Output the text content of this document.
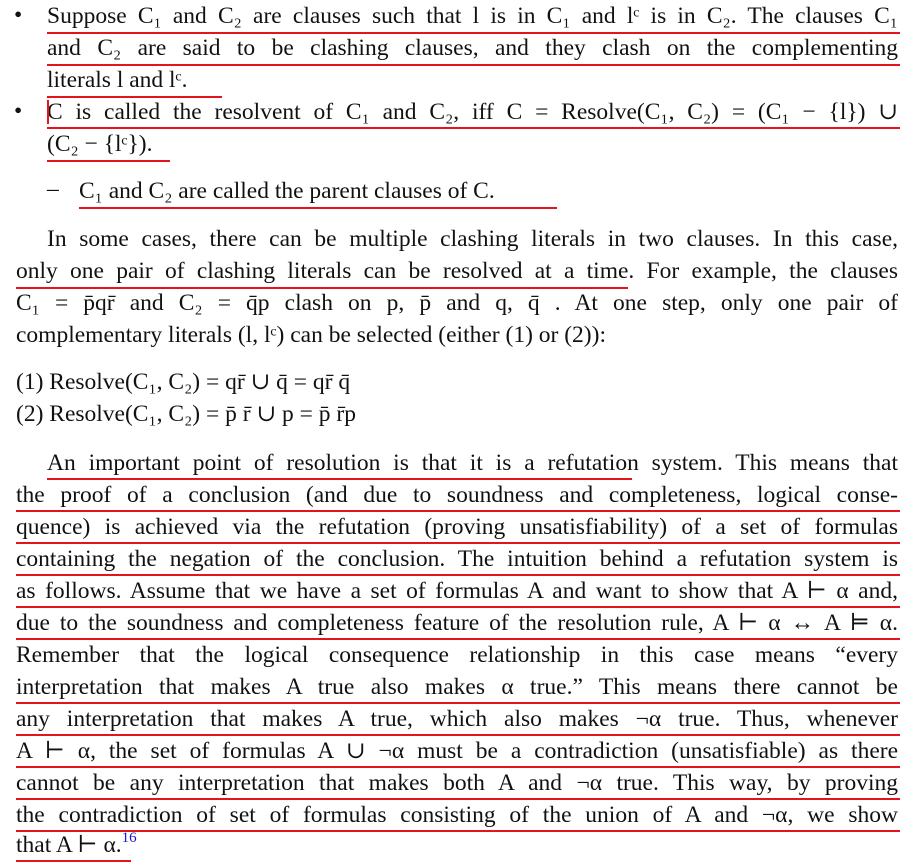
•	Suppose C₁ and C₂ are clauses such that l is in C₁ and lᶜ is in C₂. The clauses C₁
and C₂ are said to be clashing clauses, and they clash on the complementing
literals l and lᶜ.
•	C is called the resolvent of C₁ and C₂, iff C = Resolve(C₁, C₂) = (C₁ − {l}) ∪
(C₂ − {lᶜ}).
– C₁ and C₂ are called the parent clauses of C.
In some cases, there can be multiple clashing literals in two clauses. In this case,
only one pair of clashing literals can be resolved at a time. For example, the clauses
C₁ = p̄qr̄ and C₂ = q̄p clash on p, p̄ and q, q̄ . At one step, only one pair of
complementary literals (l, lᶜ) can be selected (either (1) or (2)):
(1) Resolve(C₁, C₂) = qr̄ ∪ q̄ = qr̄ q̄
(2) Resolve(C₁, C₂) = p̄ r̄ ∪ p = p̄ r̄p
An important point of resolution is that it is a refutation system. This means that
the proof of a conclusion (and due to soundness and completeness, logical conse-
quence) is achieved via the refutation (proving unsatisfiability) of a set of formulas
containing the negation of the conclusion. The intuition behind a refutation system is
as follows. Assume that we have a set of formulas A and want to show that A ⊢ α and,
due to the soundness and completeness feature of the resolution rule, A ⊢ α ↔ A ⊨ α.
Remember that the logical consequence relationship in this case means “every
interpretation that makes A true also makes α true.” This means there cannot be
any interpretation that makes A true, which also makes ¬α true. Thus, whenever
A ⊢ α, the set of formulas A ∪ ¬α must be a contradiction (unsatisfiable) as there
cannot be any interpretation that makes both A and ¬α true. This way, by proving
the contradiction of set of formulas consisting of the union of A and ¬α, we show
that A ⊢ α.$^{16}$
